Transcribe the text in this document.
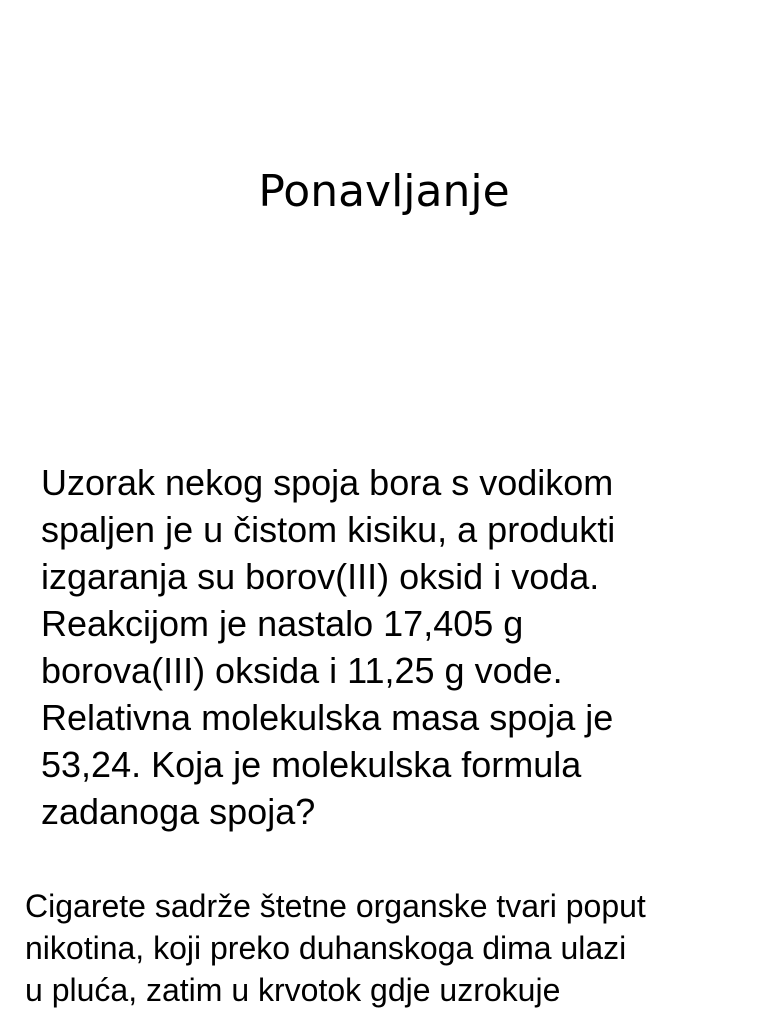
Ponavljanje
Uzorak nekog spoja bora s vodikom
spaljen je u čistom kisiku, a produkti
izgaranja su borov(III) oksid i voda.
Reakcijom je nastalo 17,405 g
borova(III) oksida i 11,25 g vode.
Relativna molekulska masa spoja je
53,24. Koja je molekulska formula
zadanoga spoja?
Cigarete sadrže štetne organske tvari poput
nikotina, koji preko duhanskoga dima ulazi
u pluća, zatim u krvotok gdje uzrokuje
